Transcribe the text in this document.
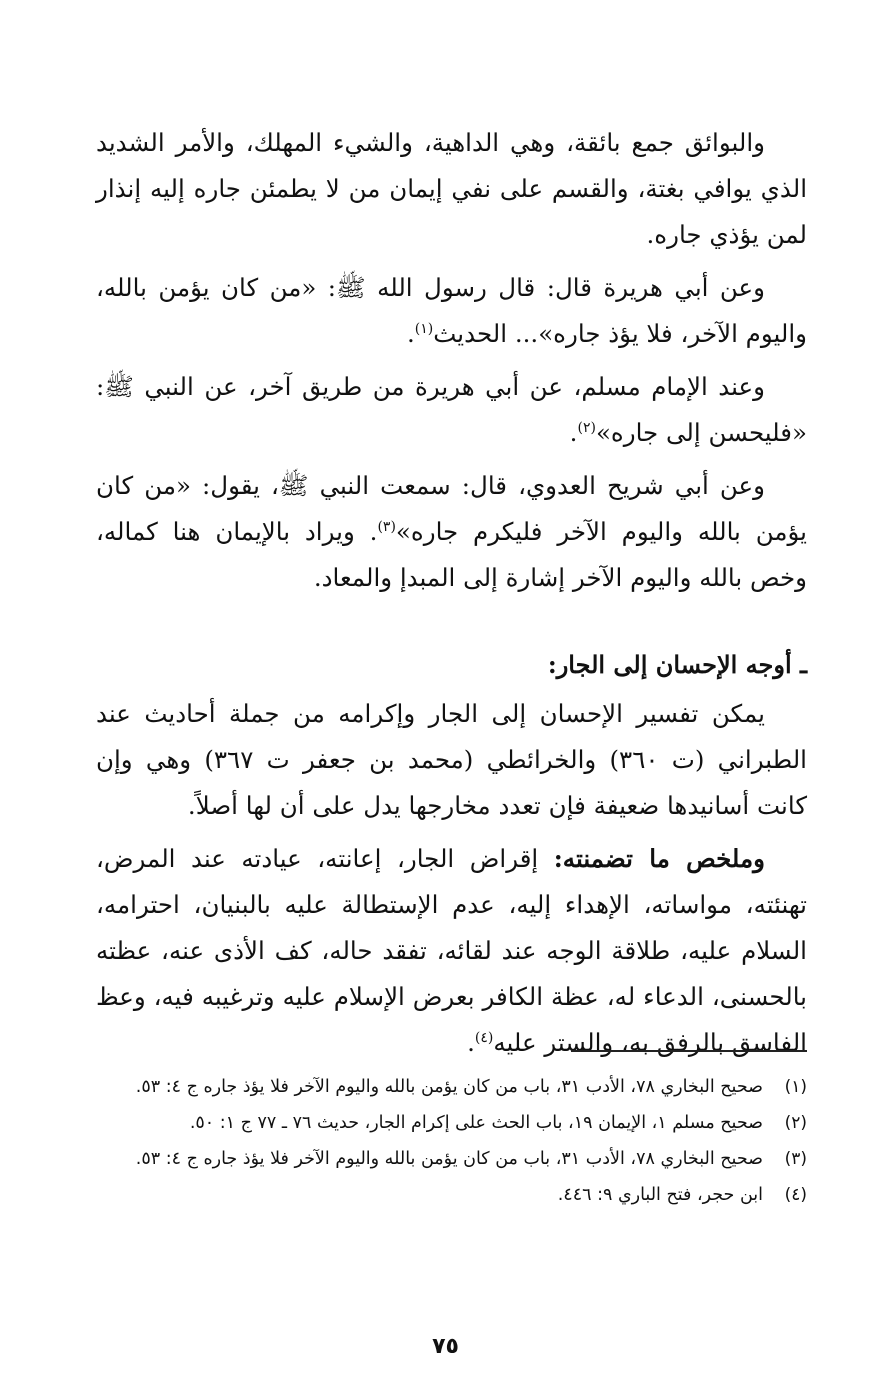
والبوائق جمع بائقة، وهي الداهية، والشيء المهلك، والأمر الشديد الذي يوافي بغتة، والقسم على نفي إيمان من لا يطمئن جاره إليه إنذار لمن يؤذي جاره.

وعن أبي هريرة قال: قال رسول الله ﷺ: «من كان يؤمن بالله، واليوم الآخر، فلا يؤذ جاره»... الحديث$^{(١)}$.

وعند الإمام مسلم، عن أبي هريرة من طريق آخر، عن النبي ﷺ: «فليحسن إلى جاره»$^{(٢)}$.

وعن أبي شريح العدوي، قال: سمعت النبي ﷺ، يقول: «من كان يؤمن بالله واليوم الآخر فليكرم جاره»$^{(٣)}$. ويراد بالإيمان هنا كماله، وخص بالله واليوم الآخر إشارة إلى المبدإ والمعاد.

ـ أوجه الإحسان إلى الجار:

يمكن تفسير الإحسان إلى الجار وإكرامه من جملة أحاديث عند الطبراني (ت ٣٦٠) والخرائطي (محمد بن جعفر ت ٣٦٧) وهي وإن كانت أسانيدها ضعيفة فإن تعدد مخارجها يدل على أن لها أصلاً.

وملخص ما تضمنته: إقراض الجار، إعانته، عيادته عند المرض، تهنئته، مواساته، الإهداء إليه، عدم الإستطالة عليه بالبنيان، احترامه، السلام عليه، طلاقة الوجه عند لقائه، تفقد حاله، كف الأذى عنه، عظته بالحسنى، الدعاء له، عظة الكافر بعرض الإسلام عليه وترغيبه فيه، وعظ الفاسق بالرفق به، والستر عليه$^{(٤)}$.

(١)
صحيح البخاري ٧٨، الأدب ٣١، باب من كان يؤمن بالله واليوم الآخر فلا يؤذ جاره ج ٤: ٥٣.
(٢)
صحيح مسلم ١، الإيمان ١٩، باب الحث على إكرام الجار، حديث ٧٦ ـ ٧٧ ج ١: ٥٠.
(٣)
صحيح البخاري ٧٨، الأدب ٣١، باب من كان يؤمن بالله واليوم الآخر فلا يؤذ جاره ج ٤: ٥٣.
(٤)
ابن حجر، فتح الباري ٩: ٤٤٦.
٧٥
